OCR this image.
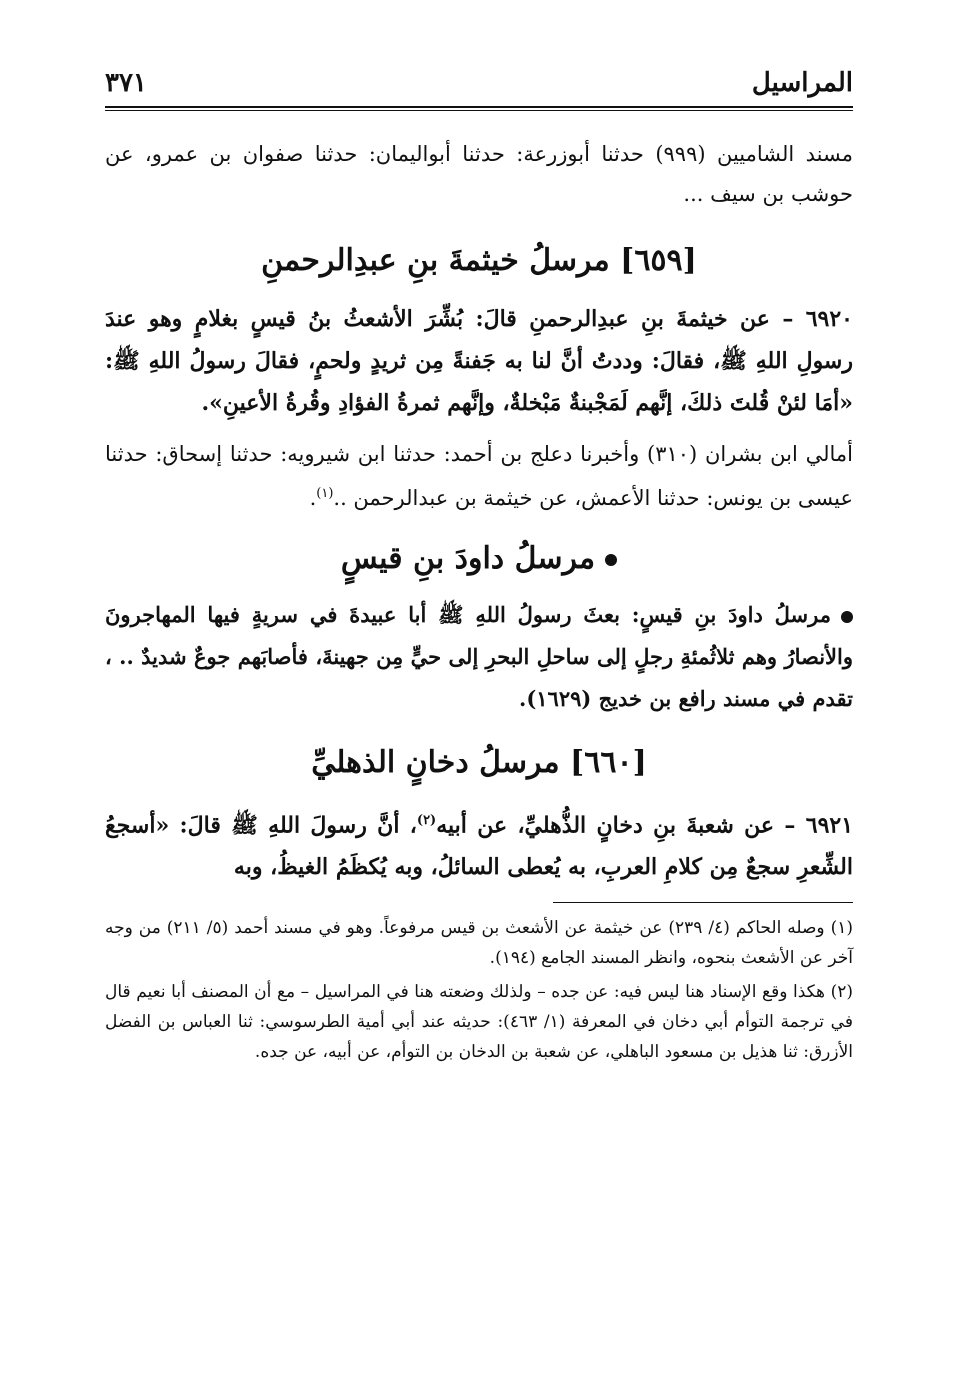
المراسيل
٣٧١

مسند الشاميين (٩٩٩) حدثنا أبوزرعة: حدثنا أبواليمان: حدثنا صفوان بن عمرو، عن حوشب بن سيف ...

[٦٥٩] مرسلُ خيثمةَ بنِ عبدِالرحمنِ

٦٩٢٠ – عن خيثمةَ بنِ عبدِالرحمنِ قالَ: بُشِّرَ الأشعثُ بنُ قيسٍ بغلامٍ وهو عندَ رسولِ اللهِ ﷺ، فقالَ: وددتُ أنَّ لنا به جَفنةً مِن ثريدٍ ولحمٍ، فقالَ رسولُ اللهِ ﷺ: «أمَا لئنْ قُلتَ ذلكَ، إنَّهم لَمَجْبنةٌ مَبْخلةٌ، وإنَّهم ثمرةُ الفؤادِ وقُرةُ الأعينِ».

أمالي ابن بشران (٣١٠) وأخبرنا دعلج بن أحمد: حدثنا ابن شيرويه: حدثنا إسحاق: حدثنا عيسى بن يونس: حدثنا الأعمش، عن خيثمة بن عبدالرحمن ..$^{(١)}$.

مرسلُ داودَ بنِ قيسٍ

مرسلُ داودَ بنِ قيسٍ: بعثَ رسولُ اللهِ ﷺ أبا عبيدةَ في سريةٍ فيها المهاجرونَ والأنصارُ وهم ثلاثُمئةِ رجلٍ إلى ساحلِ البحرِ إلى حيٍّ مِن جهينةَ، فأصابَهم جوعٌ شديدٌ .. ، تقدم في مسند رافع بن خديج (١٦٢٩).

[٦٦٠] مرسلُ دخانٍ الذهليِّ

٦٩٢١ – عن شعبةَ بنِ دخانٍ الذُّهليِّ، عن أبيه$^{(٢)}$، أنَّ رسولَ اللهِ ﷺ قالَ: «أسجعُ الشِّعرِ سجعٌ مِن كلامِ العربِ، به يُعطى السائلُ، وبه يُكظَمُ الغيظُ، وبه

(١) وصله الحاكم (٤/ ٢٣٩) عن خيثمة عن الأشعث بن قيس مرفوعاً. وهو في مسند أحمد (٥/ ٢١١) من وجه آخر عن الأشعث بنحوه، وانظر المسند الجامع (١٩٤).

(٢) هكذا وقع الإسناد هنا ليس فيه: عن جده – ولذلك وضعته هنا في المراسيل – مع أن المصنف أبا نعيم قال في ترجمة التوأم أبي دخان في المعرفة (١/ ٤٦٣): حديثه عند أبي أمية الطرسوسي: ثنا العباس بن الفضل الأزرق: ثنا هذيل بن مسعود الباهلي، عن شعبة بن الدخان بن التوأم، عن أبيه، عن جده.
